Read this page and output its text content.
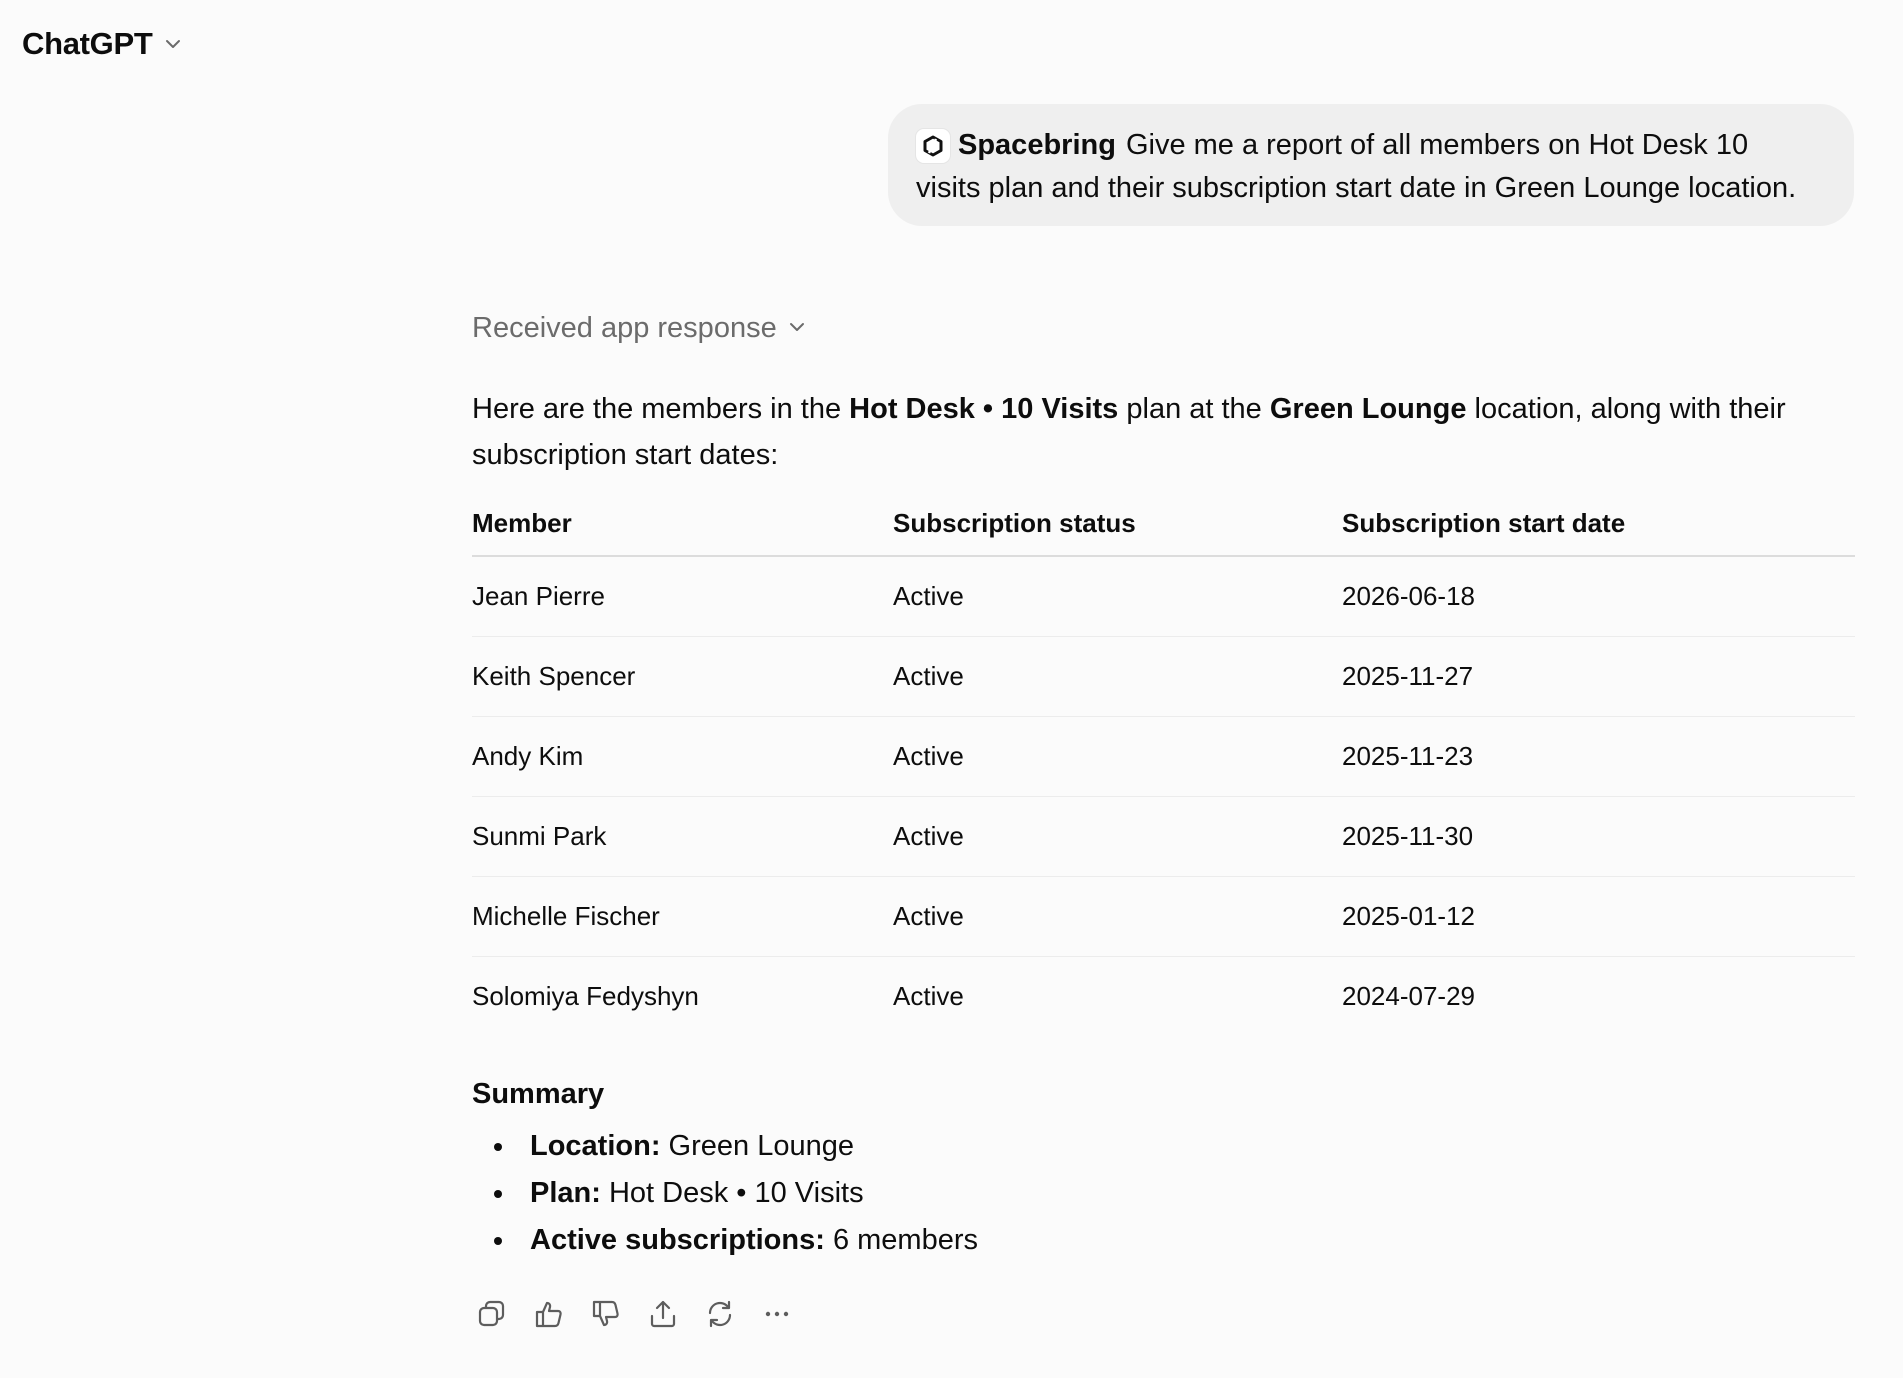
ChatGPT
Spacebring Give me a report of all members on Hot Desk 10 visits plan and their subscription start date in Green Lounge location.
Received app response

Here are the members in the Hot Desk • 10 Visits plan at the Green Lounge location, along with their subscription start dates:

Member	Subscription status	Subscription start date
Jean Pierre	Active	2026-06-18
Keith Spencer	Active	2025-11-27
Andy Kim	Active	2025-11-23
Sunmi Park	Active	2025-11-30
Michelle Fischer	Active	2025-01-12
Solomiya Fedyshyn	Active	2024-07-29
Summary
Location: Green Lounge
Plan: Hot Desk • 10 Visits
Active subscriptions: 6 members
